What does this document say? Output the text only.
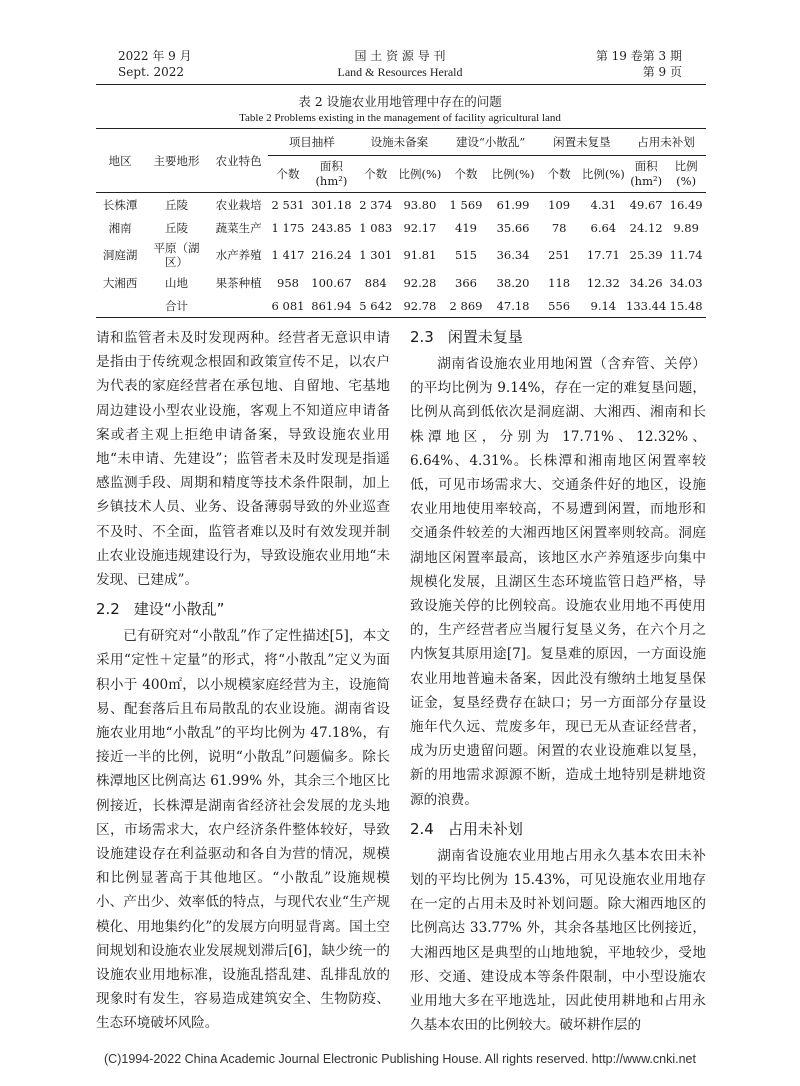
2022 年 9 月
Sept. 2022
国 土 资 源 导 刊
Land & Resources Herald
第 19 卷第 3 期
第 9 页
表 2 设施农业用地管理中存在的问题
Table 2 Problems existing in the management of facility agricultural land
地区	主要地形	农业特色	项目抽样		设施未备案		建设“小散乱”		闲置未复垦		占用未补划	
			个数	面积(hm²)	个数	比例(%)	个数	比例(%)	个数	比例(%)	面积(hm²)	比例(%)
长株潭	丘陵	农业栽培	2 531	301.18	2 374	93.80	1 569	61.99	109	4.31	49.67	16.49
湘南	丘陵	蔬菜生产	1 175	243.85	1 083	92.17	419	35.66	78	6.64	24.12	9.89
洞庭湖	平原（湖区）	水产养殖	1 417	216.24	1 301	91.81	515	36.34	251	17.71	25.39	11.74
大湘西	山地	果茶种植	958	100.67	884	92.28	366	38.20	118	12.32	34.26	34.03
	合计		6 081	861.94	5 642	92.78	2 869	47.18	556	9.14	133.44	15.48

请和监管者未及时发现两种。经营者无意识申请是指由于传统观念根固和政策宣传不足，以农户为代表的家庭经营者在承包地、自留地、宅基地周边建设小型农业设施，客观上不知道应申请备案或者主观上拒绝申请备案，导致设施农业用地“未申请、先建设”；监管者未及时发现是指遥感监测手段、周期和精度等技术条件限制，加上乡镇技术人员、业务、设备薄弱导致的外业巡查不及时、不全面，监管者难以及时有效发现并制止农业设施违规建设行为，导致设施农业用地“未发现、已建成”。

2.2 建设“小散乱”

已有研究对“小散乱”作了定性描述[5]，本文采用“定性＋定量”的形式，将“小散乱”定义为面积小于 400㎡，以小规模家庭经营为主，设施简易、配套落后且布局散乱的农业设施。湖南省设施农业用地“小散乱”的平均比例为 47.18%，有接近一半的比例，说明“小散乱”问题偏多。除长株潭地区比例高达 61.99% 外，其余三个地区比例接近，长株潭是湖南省经济社会发展的龙头地区，市场需求大，农户经济条件整体较好，导致设施建设存在利益驱动和各自为营的情况，规模和比例显著高于其他地区。“小散乱”设施规模小、产出少、效率低的特点，与现代农业“生产规模化、用地集约化”的发展方向明显背离。国土空间规划和设施农业发展规划滞后[6]，缺少统一的设施农业用地标准，设施乱搭乱建、乱排乱放的现象时有发生，容易造成建筑安全、生物防疫、生态环境破坏风险。

2.3 闲置未复垦

湖南省设施农业用地闲置（含弃管、关停）的平均比例为 9.14%，存在一定的难复垦问题，比例从高到低依次是洞庭湖、大湘西、湘南和长株潭地区，分别为 17.71%、12.32%、6.64%、4.31%。长株潭和湘南地区闲置率较低，可见市场需求大、交通条件好的地区，设施农业用地使用率较高，不易遭到闲置，而地形和交通条件较差的大湘西地区闲置率则较高。洞庭湖地区闲置率最高，该地区水产养殖逐步向集中规模化发展，且湖区生态环境监管日趋严格，导致设施关停的比例较高。设施农业用地不再使用的，生产经营者应当履行复垦义务，在六个月之内恢复其原用途[7]。复垦难的原因，一方面设施农业用地普遍未备案，因此没有缴纳土地复垦保证金，复垦经费存在缺口；另一方面部分存量设施年代久远、荒废多年，现已无从查证经营者，成为历史遗留问题。闲置的农业设施难以复垦，新的用地需求源源不断，造成土地特别是耕地资源的浪费。

2.4 占用未补划

湖南省设施农业用地占用永久基本农田未补划的平均比例为 15.43%，可见设施农业用地存在一定的占用未及时补划问题。除大湘西地区的比例高达 33.77% 外，其余各基地区比例接近，大湘西地区是典型的山地地貌，平地较少，受地形、交通、建设成本等条件限制，中小型设施农业用地大多在平地选址，因此使用耕地和占用永久基本农田的比例较大。破坏耕作层的

(C)1994-2022 China Academic Journal Electronic Publishing House. All rights reserved. http://www.cnki.net
